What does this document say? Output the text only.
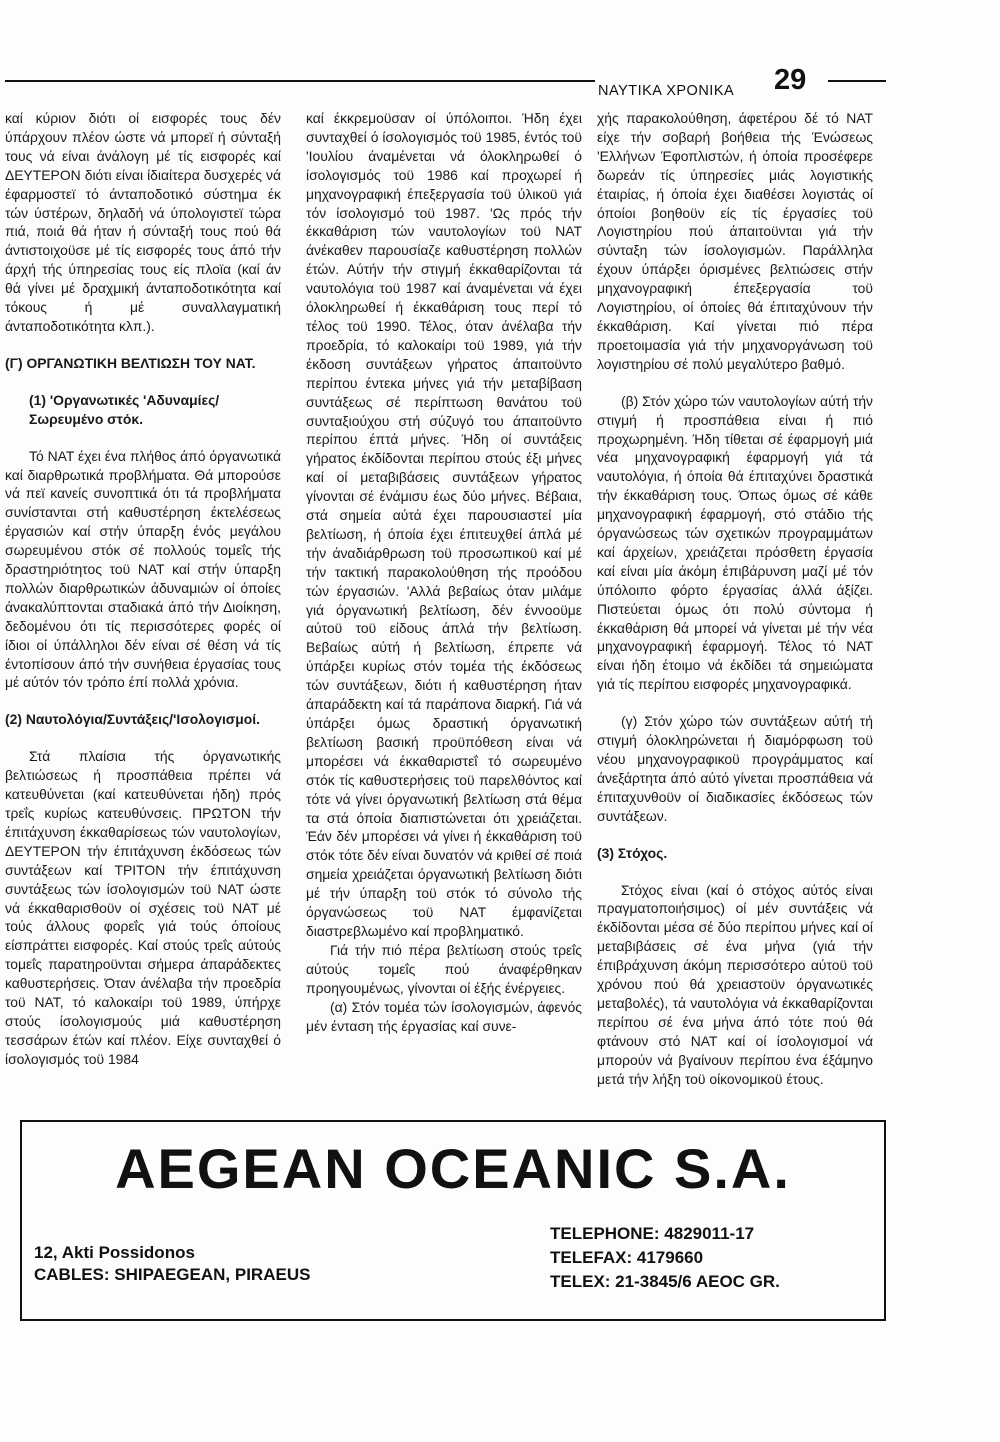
ΝΑΥΤΙΚΑ ΧΡΟΝΙΚΑ 29

καί κύριον διότι οί εισφορές τους δέν ύπάρχουν πλέον ώστε νά μπορεϊ ή σύνταξή τους νά είναι άνάλογη μέ τίς εισφορές καί ΔΕΥΤΕΡΟΝ διότι είναι ίδιαίτερα δυσχερές νά έφαρμοστεϊ τό άνταποδοτικό σύστημα έκ τών ύστέρων, δηλαδή νά ύπολογιστεϊ τώρα πιά, ποιά θά ήταν ή σύνταξή τους πού θά άντιστοιχοϋσε μέ τίς εισφορές τους άπό τήν άρχή τής ύπηρεσίας τους είς πλοϊα (καί άν θά γίνει μέ δραχμική άνταποδοτικότητα καί τόκους ή μέ συναλλαγματική άνταποδοτικότητα κλπ.).

(Γ) ΟΡΓΑΝΩΤΙΚΗ ΒΕΛΤΙΩΣΗ ΤΟΥ ΝΑΤ.
(1) 'Οργανωτικές 'Αδυναμίες/ Σωρευμένο στόκ.

Τό ΝΑΤ έχει ένα πλήθος άπό όργανωτικά καί διαρθρωτικά προβλήματα. Θά μπορούσε νά πεϊ κανείς συνοπτικά ότι τά προβλήματα συνίστανται στή καθυστέρηση έκτελέσεως έργασιών καί στήν ύπαρξη ένός μεγάλου σωρευμένου στόκ σέ πολλούς τομεΐς τής δραστηριότητος τοϋ ΝΑΤ καί στήν ύπαρξη πολλών διαρθρωτικών άδυναμιών οί όποίες άνακαλύπτονται σταδιακά άπό τήν Διοίκηση, δεδομένου ότι τίς περισσότερες φορές οί ίδιοι οί ύπάλληλοι δέν είναι σέ θέση νά τίς έντοπίσουν άπό τήν συνήθεια έργασίας τους μέ αύτόν τόν τρόπο έπί πολλά χρόνια.

(2) Ναυτολόγια/Συντάξεις/'Ισολογισμοί.

Στά πλαίσια τής όργανωτικής βελτιώσεως ή προσπάθεια πρέπει νά κατευθύνεται (καί κατευθύνεται ήδη) πρός τρεΐς κυρίως κατευθύνσεις. ΠΡΩΤΟΝ τήν έπιτάχυνση έκκαθαρίσεως τών ναυτολογίων, ΔΕΥΤΕΡΟΝ τήν έπιτάχυνση έκδόσεως τών συντάξεων καί ΤΡΙΤΟΝ τήν έπιτάχυνση συντάξεως τών ίσολογισμών τοϋ ΝΑΤ ώστε νά έκκαθαρισθοϋν οί σχέσεις τοϋ ΝΑΤ μέ τούς άλλους φορεΐς γιά τούς όποίους είσπράττει εισφορές. Καί στούς τρεΐς αύτούς τομεΐς παρατηροϋνται σήμερα άπαράδεκτες καθυστερήσεις. Όταν άνέλαβα τήν προεδρία τοϋ ΝΑΤ, τό καλοκαίρι τοϋ 1989, ύπήρχε στούς ίσολογισμούς μιά καθυστέρηση τεσσάρων έτών καί πλέον. Είχε συνταχθεί ό ίσολογισμός τοϋ 1984

καί έκκρεμοϋσαν οί ύπόλοιποι. Ήδη έχει συνταχθεί ό ίσολογισμός τοϋ 1985, έντός τοϋ 'Ιουλίου άναμένεται νά όλοκληρωθεί ό ίσολογισμός τοϋ 1986 καί προχωρεί ή μηχανογραφική έπεξεργασία τοϋ ύλικοϋ γιά τόν ίσολογισμό τοϋ 1987. 'Ως πρός τήν έκκαθάριση τών ναυτολογίων τοϋ ΝΑΤ άνέκαθεν παρουσίαζε καθυστέρηση πολλών έτών. Αύτήν τήν στιγμή έκκαθαρίζονται τά ναυτολόγια τοϋ 1987 καί άναμένεται νά έχει όλοκληρωθεί ή έκκαθάριση τους περί τό τέλος τοϋ 1990. Τέλος, όταν άνέλαβα τήν προεδρία, τό καλοκαίρι τοϋ 1989, γιά τήν έκδοση συντάξεων γήρατος άπαιτοϋντο περίπου έντεκα μήνες γιά τήν μεταβίβαση συντάξεως σέ περίπτωση θανάτου τοϋ συνταξιούχου στή σύζυγό του άπαιτοϋντο περίπου έπτά μήνες. Ήδη οί συντάξεις γήρατος έκδίδονται περίπου στούς έξι μήνες καί οί μεταβιβάσεις συντάξεων γήρατος γίνονται σέ ένάμισυ έως δύο μήνες. Βέβαια, στά σημεία αύτά έχει παρουσιαστεί μία βελτίωση, ή όποία έχει έπιτευχθεί άπλά μέ τήν άναδιάρθρωση τοϋ προσωπικοϋ καί μέ τήν τακτική παρακολούθηση τής προόδου τών έργασιών. 'Αλλά βεβαίως όταν μιλάμε γιά όργανωτική βελτίωση, δέν έννοοϋμε αύτοϋ τοϋ είδους άπλά τήν βελτίωση. Βεβαίως αύτή ή βελτίωση, έπρεπε νά ύπάρξει κυρίως στόν τομέα τής έκδόσεως τών συντάξεων, διότι ή καθυστέρηση ήταν άπαράδεκτη καί τά παράπονα διαρκή. Γιά νά ύπάρξει όμως δραστική όργανωτική βελτίωση βασική προϋπόθεση είναι νά μπορέσει νά έκκαθαριστεΐ τό σωρευμένο στόκ τίς καθυστερήσεις τοϋ παρελθόντος καί τότε νά γίνει όργανωτική βελτίωση στά θέμα τα στά όποία διαπιστώνεται ότι χρειάζεται. Έάν δέν μπορέσει νά γίνει ή έκκαθάριση τοϋ στόκ τότε δέν είναι δυνατόν νά κριθεί σέ ποιά σημεία χρειάζεται όργανωτική βελτίωση διότι μέ τήν ύπαρξη τοϋ στόκ τό σύνολο τής όργανώσεως τοϋ ΝΑΤ έμφανίζεται διαστρεβλωμένο καί προβληματικό.

Γιά τήν πιό πέρα βελτίωση στούς τρεΐς αύτούς τομεΐς πού άναφέρθηκαν προηγουμένως, γίνονται οί έξής ένέργειες.

(α) Στόν τομέα τών ίσολογισμών, άφενός μέν ένταση τής έργασίας καί συνε-

χής παρακολούθηση, άφετέρου δέ τό ΝΑΤ είχε τήν σοβαρή βοήθεια τής Ένώσεως 'Ελλήνων Έφοπλιστών, ή όποία προσέφερε δωρεάν τίς ύπηρεσίες μιάς λογιστικής έταιρίας, ή όποία έχει διαθέσει λογιστάς οί όποίοι βοηθοϋν είς τίς έργασίες τοϋ Λογιστηρίου πού άπαιτοϋνται γιά τήν σύνταξη τών ίσολογισμών. Παράλληλα έχουν ύπάρξει όρισμένες βελτιώσεις στήν μηχανογραφική έπεξεργασία τοϋ Λογιστηρίου, οί όποίες θά έπιταχύνουν τήν έκκαθάριση. Καί γίνεται πιό πέρα προετοιμασία γιά τήν μηχανοργάνωση τοϋ λογιστηρίου σέ πολύ μεγαλύτερο βαθμό.

(β) Στόν χώρο τών ναυτολογίων αύτή τήν στιγμή ή προσπάθεια είναι ή πιό προχωρημένη. Ήδη τίθεται σέ έφαρμογή μιά νέα μηχανογραφική έφαρμογή γιά τά ναυτολόγια, ή όποία θά έπιταχύνει δραστικά τήν έκκαθάριση τους. Όπως όμως σέ κάθε μηχανογραφική έφαρμογή, στό στάδιο τής όργανώσεως τών σχετικών προγραμμάτων καί άρχείων, χρειάζεται πρόσθετη έργασία καί είναι μία άκόμη έπιβάρυνση μαζί μέ τόν ύπόλοιπο φόρτο έργασίας άλλά άξίζει. Πιστεύεται όμως ότι πολύ σύντομα ή έκκαθάριση θά μπορεί νά γίνεται μέ τήν νέα μηχανογραφική έφαρμογή. Τέλος τό ΝΑΤ είναι ήδη έτοιμο νά έκδίδει τά σημειώματα γιά τίς περίπου εισφορές μηχανογραφικά.

(γ) Στόν χώρο τών συντάξεων αύτή τή στιγμή όλοκληρώνεται ή διαμόρφωση τοϋ νέου μηχανογραφικοϋ προγράμματος καί άνεξάρτητα άπό αύτό γίνεται προσπάθεια νά έπιταχυνθοϋν οί διαδικασίες έκδόσεως τών συντάξεων.

(3) Στόχος.

Στόχος είναι (καί ό στόχος αύτός είναι πραγματοποιήσιμος) οί μέν συντάξεις νά έκδίδονται μέσα σέ δύο περίπου μήνες καί οί μεταβιβάσεις σέ ένα μήνα (γιά τήν έπιβράχυνση άκόμη περισσότερο αύτοϋ τοϋ χρόνου πού θά χρειαστοϋν όργανωτικές μεταβολές), τά ναυτολόγια νά έκκαθαρίζονται περίπου σέ ένα μήνα άπό τότε πού θά φτάνουν στό ΝΑΤ καί οί ίσολογισμοί νά μπορούν νά βγαίνουν περίπου ένα έξάμηνο μετά τήν λήξη τοϋ οίκονομικοϋ έτους.

AEGEAN OCEANIC S.A.
12, Akti Possidonos
CABLES: SHIPAEGEAN, PIRAEUS
TELEPHONE: 4829011-17
TELEFAX: 4179660
TELEX: 21-3845/6 AEOC GR.
